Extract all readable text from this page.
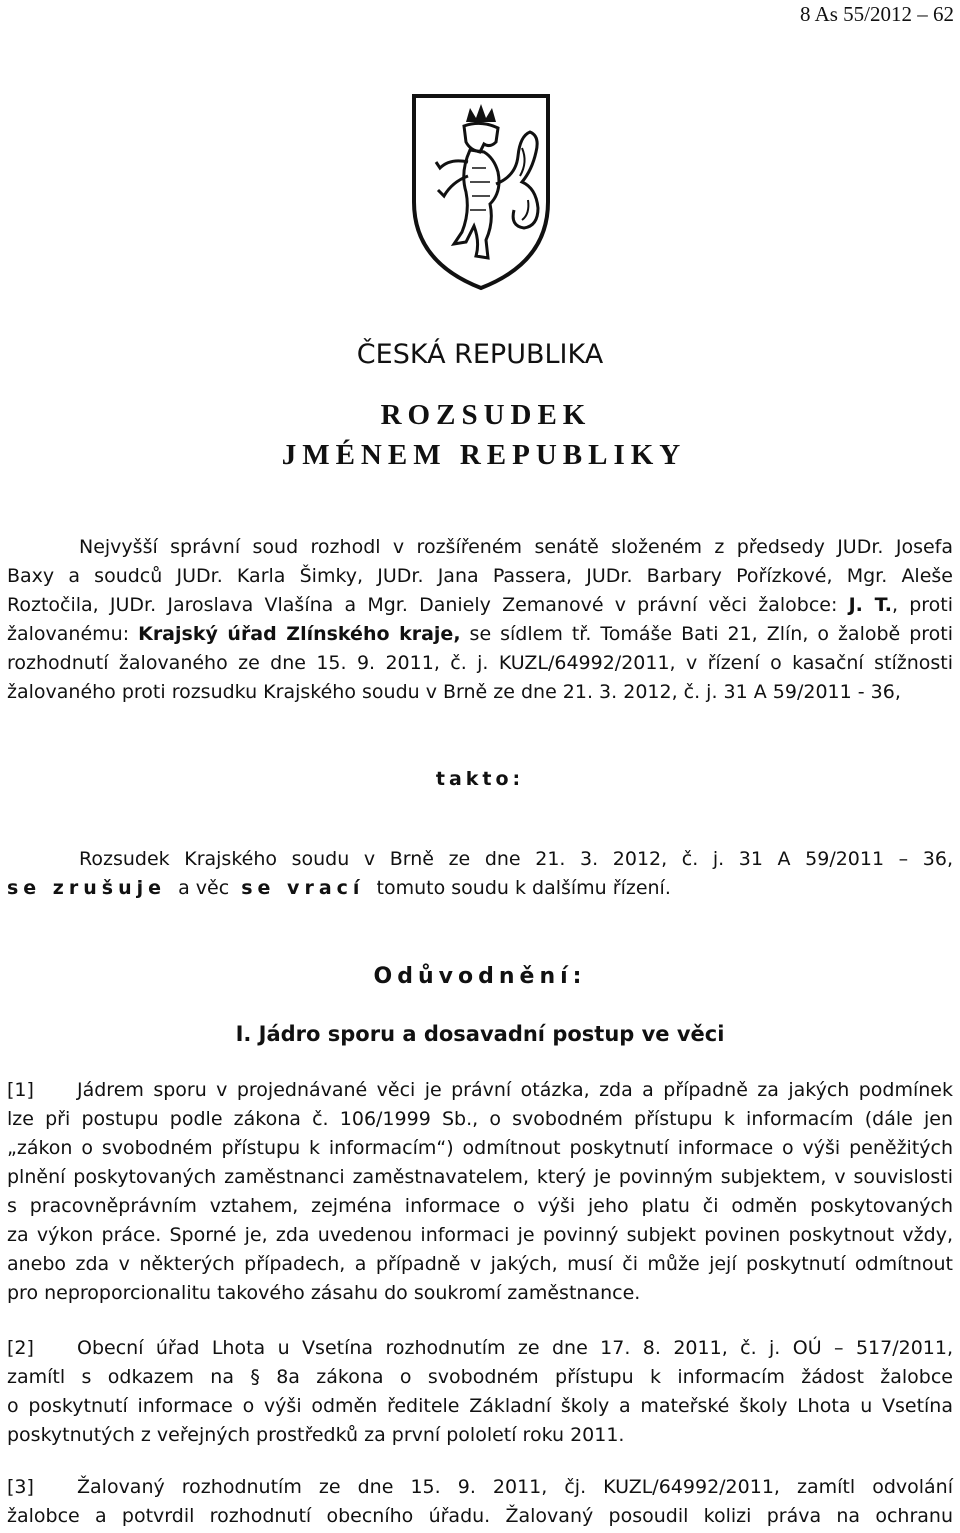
8 As 55/2012 – 62
ČESKÁ REPUBLIKA
ROZSUDEK
JMÉNEM REPUBLIKY
Nejvyšší správní soud rozhodl v rozšířeném senátě složeném z předsedy JUDr. Josefa
Baxy a soudců JUDr. Karla Šimky, JUDr. Jana Passera, JUDr. Barbary Pořízkové, Mgr. Aleše
Roztočila, JUDr. Jaroslava Vlašína a Mgr. Daniely Zemanové v právní věci žalobce: J. T., proti
žalovanému: Krajský úřad Zlínského kraje, se sídlem tř. Tomáše Bati 21, Zlín, o žalobě proti
rozhodnutí žalovaného ze dne 15. 9. 2011, č. j. KUZL/64992/2011, v řízení o kasační stížnosti
žalovaného proti rozsudku Krajského soudu v Brně ze dne 21. 3. 2012, č. j. 31 A 59/2011 - 36,
takto:
Rozsudek Krajského soudu v Brně ze dne 21. 3. 2012, č. j. 31 A 59/2011 – 36,
se zrušuje a věc se vrací tomuto soudu k dalšímu řízení.
Odůvodnění:
I. Jádro sporu a dosavadní postup ve věci
[1] Jádrem sporu v projednávané věci je právní otázka, zda a případně za jakých podmínek
lze při postupu podle zákona č. 106/1999 Sb., o svobodném přístupu k informacím (dále jen
„zákon o svobodném přístupu k informacím“) odmítnout poskytnutí informace o výši peněžitých
plnění poskytovaných zaměstnanci zaměstnavatelem, který je povinným subjektem, v souvislosti
s pracovněprávním vztahem, zejména informace o výši jeho platu či odměn poskytovaných
za výkon práce. Sporné je, zda uvedenou informaci je povinný subjekt povinen poskytnout vždy,
anebo zda v některých případech, a případně v jakých, musí či může její poskytnutí odmítnout
pro neproporcionalitu takového zásahu do soukromí zaměstnance.
[2] Obecní úřad Lhota u Vsetína rozhodnutím ze dne 17. 8. 2011, č. j. OÚ – 517/2011,
zamítl s odkazem na § 8a zákona o svobodném přístupu k informacím žádost žalobce
o poskytnutí informace o výši odměn ředitele Základní školy a mateřské školy Lhota u Vsetína
poskytnutých z veřejných prostředků za první pololetí roku 2011.
[3] Žalovaný rozhodnutím ze dne 15. 9. 2011, čj. KUZL/64992/2011, zamítl odvolání
žalobce a potvrdil rozhodnutí obecního úřadu. Žalovaný posoudil kolizi práva na ochranu
